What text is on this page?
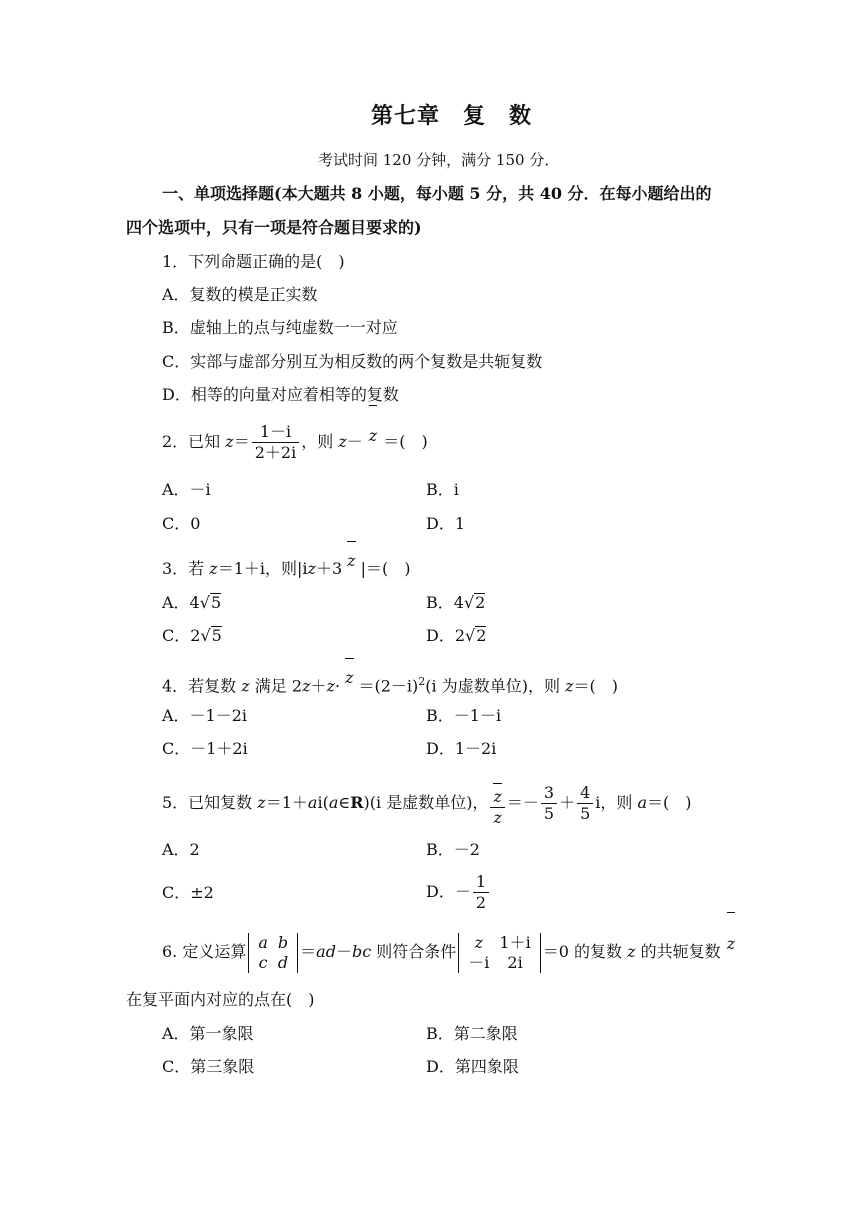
第七章　复　数
考试时间 120 分钟，满分 150 分．
一、单项选择题(本大题共 8 小题，每小题 5 分，共 40 分．在每小题给出的
四个选项中，只有一项是符合题目要求的)
1．下列命题正确的是(　)
A．复数的模是正实数
B．虚轴上的点与纯虚数一一对应
C．实部与虚部分别互为相反数的两个复数是共轭复数
D．相等的向量对应着相等的复数
2．已知 $z= \frac{1-i}{2+2i}$ ，则 z－ z ＝(　)
A．－i	B．i
C．0	D．1
3．若 z＝1＋i，则|iz＋3 z |＝(　)
A．4√5	B．4√2
C．2√5	D．2√2
4．若复数 z 满足 $2z+z\cdot z =(2-i)^2(i$ 为虚数单位)，则 z＝(　)
A．－1－2i	B．－1－i
C．－1＋2i	D．1－2i
5．已知复数 z＝1＋ai(a∈R)(i 是虚数单位)， $\frac{z}{z} =- \frac{3}{5} + \frac{4}{5}$ i，则 a＝(　)
A．2	B．－2
C．±2	D．－ $\frac{1}{2}$
6. 定义运算 a	b
c	d
＝ad－bc 则符合条件 z	1＋i
－i	2i
＝0 的复数 z 的共轭复数 z
在复平面内对应的点在(　)
A．第一象限	B．第二象限
C．第三象限	D．第四象限
